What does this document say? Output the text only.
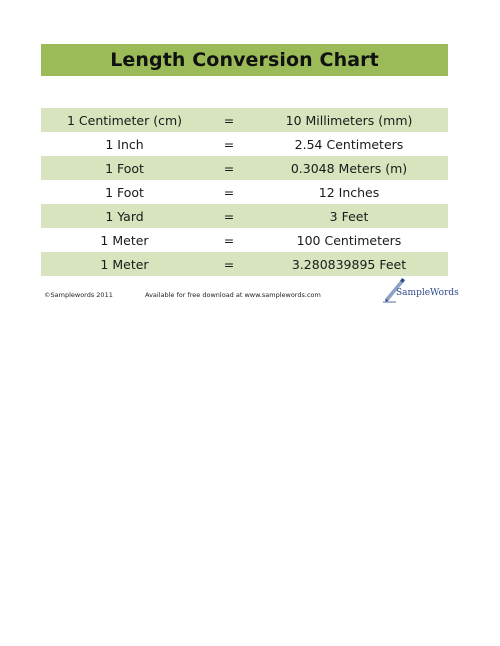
Length Conversion Chart
1 Centimeter (cm)	=	10 Millimeters (mm)
1 Inch	=	2.54 Centimeters
1 Foot	=	0.3048 Meters (m)
1 Foot	=	12 Inches
1 Yard	=	3 Feet
1 Meter	=	100 Centimeters
1 Meter	=	3.280839895 Feet
©Samplewords 2011	Available for free download at www.samplewords.com	SampleWords
